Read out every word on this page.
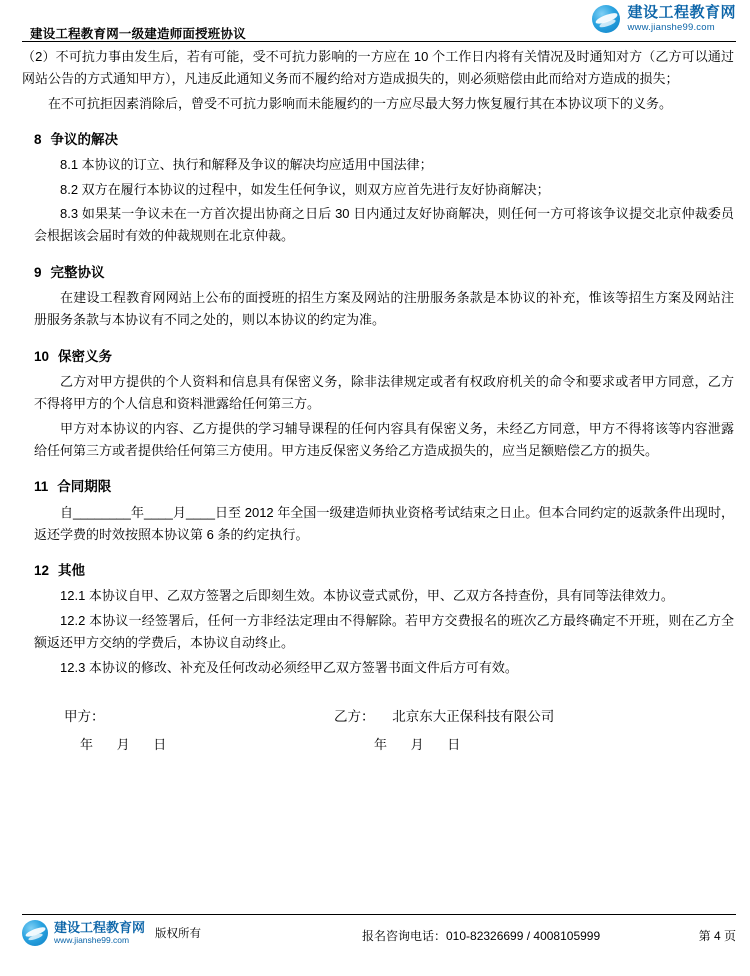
建设工程教育网一级建造师面授班协议
建设工程教育网
www.jianshe99.com

（2）不可抗力事由发生后，若有可能，受不可抗力影响的一方应在 10 个工作日内将有关情况及时通知对方（乙方可以通过网站公告的方式通知甲方），凡违反此通知义务而不履约给对方造成损失的，则必须赔偿由此而给对方造成的损失；

在不可抗拒因素消除后，曾受不可抗力影响而未能履约的一方应尽最大努力恢复履行其在本协议项下的义务。

8 争议的解决

8.1 本协议的订立、执行和解释及争议的解决均应适用中国法律；

8.2 双方在履行本协议的过程中，如发生任何争议，则双方应首先进行友好协商解决；

8.3 如果某一争议未在一方首次提出协商之日后 30 日内通过友好协商解决，则任何一方可将该争议提交北京仲裁委员会根据该会届时有效的仲裁规则在北京仲裁。

9 完整协议

在建设工程教育网网站上公布的面授班的招生方案及网站的注册服务条款是本协议的补充，惟该等招生方案及网站注册服务条款与本协议有不同之处的，则以本协议的约定为准。

10 保密义务

乙方对甲方提供的个人资料和信息具有保密义务，除非法律规定或者有权政府机关的命令和要求或者甲方同意，乙方不得将甲方的个人信息和资料泄露给任何第三方。

甲方对本协议的内容、乙方提供的学习辅导课程的任何内容具有保密义务，未经乙方同意，甲方不得将该等内容泄露给任何第三方或者提供给任何第三方使用。甲方违反保密义务给乙方造成损失的，应当足额赔偿乙方的损失。

11 合同期限

自________年____月____日至 2012 年全国一级建造师执业资格考试结束之日止。但本合同约定的返款条件出现时，返还学费的时效按照本协议第 6 条的约定执行。

12 其他

12.1 本协议自甲、乙双方签署之后即刻生效。本协议壹式贰份，甲、乙双方各持查份，具有同等法律效力。

12.2 本协议一经签署后，任何一方非经法定理由不得解除。若甲方交费报名的班次乙方最终确定不开班，则在乙方全额返还甲方交纳的学费后，本协议自动终止。

12.3 本协议的修改、补充及任何改动必须经甲乙双方签署书面文件后方可有效。

甲方：
年 月 日
乙方： 北京东大正保科技有限公司
年 月 日
建设工程教育网
www.jianshe99.com
版权所有	报名咨询电话：010-82326699 / 4008105999	第 4 页
